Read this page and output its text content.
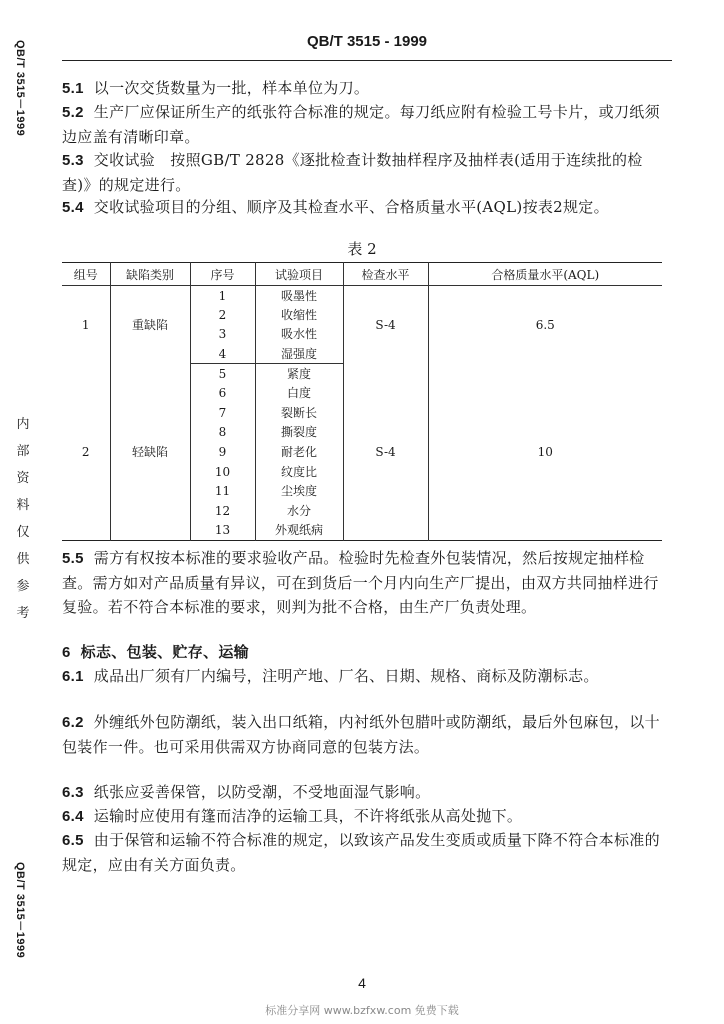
QB/T 3515－1999
内
部
资
料
仅
供
参
考
QB/T 3515－1999
QB/T 3515 - 1999
5.1 以一次交货数量为一批，样本单位为刀。
5.2 生产厂应保证所生产的纸张符合标准的规定。每刀纸应附有检验工号卡片，或刀纸须边应盖有清晰印章。
5.3 交收试验　按照GB/T 2828《逐批检查计数抽样程序及抽样表(适用于连续批的检查)》的规定进行。
5.4 交收试验项目的分组、顺序及其检查水平、合格质量水平(AQL)按表2规定。
表 2
组号	缺陷类别	序号	试验项目	检查水平	合格质量水平(AQL)
1	重缺陷	1	吸墨性	S-4	6.5
		2	收缩性		
		3	吸水性		
		4	湿强度		
2	轻缺陷	5	紧度	S-4	10
		6	白度		
		7	裂断长		
		8	撕裂度		
		9	耐老化		
		10	纹度比		
		11	尘埃度		
		12	水分		
		13	外观纸病		
5.5 需方有权按本标准的要求验收产品。检验时先检查外包装情况，然后按规定抽样检查。需方如对产品质量有异议，可在到货后一个月内向生产厂提出，由双方共同抽样进行复验。若不符合本标准的要求，则判为批不合格，由生产厂负责处理。
6 标志、包装、贮存、运输
6.1 成品出厂须有厂内编号，注明产地、厂名、日期、规格、商标及防潮标志。
6.2 外缠纸外包防潮纸，装入出口纸箱，内衬纸外包腊叶或防潮纸，最后外包麻包，以十包装作一件。也可采用供需双方协商同意的包装方法。
6.3 纸张应妥善保管，以防受潮，不受地面湿气影响。
6.4 运输时应使用有篷而洁净的运输工具，不许将纸张从高处抛下。
6.5 由于保管和运输不符合标准的规定，以致该产品发生变质或质量下降不符合本标准的规定，应由有关方面负责。
4
标准分享网 www.bzfxw.com 免费下载
